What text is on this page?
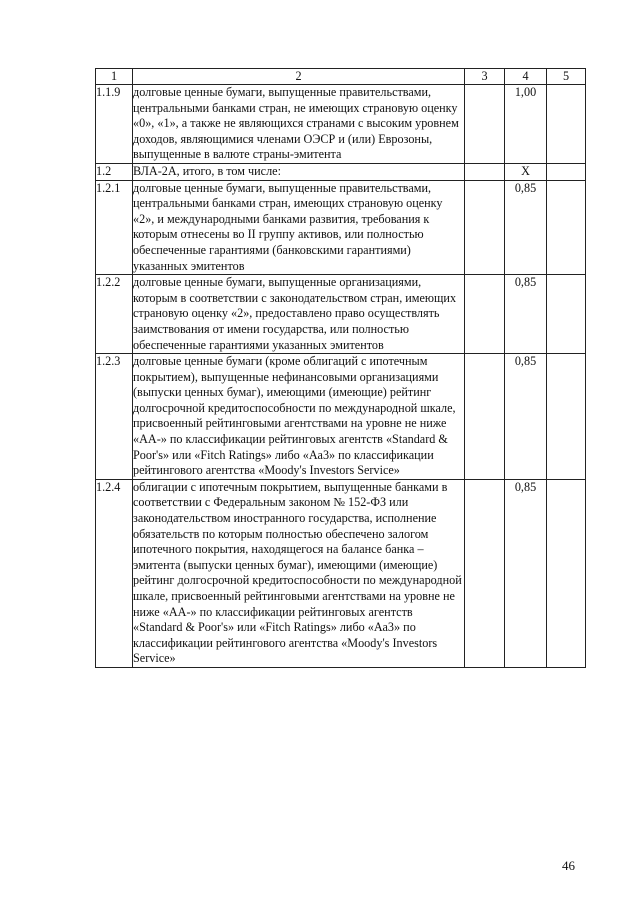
1	2	3	4	5
1.1.9	долговые ценные бумаги, выпущенные правительствами, центральными банками стран, не имеющих страновую оценку «0», «1», а также не являющихся странами с высоким уровнем доходов, являющимися членами ОЭСР и (или) Еврозоны, выпущенные в валюте страны-эмитента		1,00	
1.2	ВЛА-2А, итого, в том числе:		X	
1.2.1	долговые ценные бумаги, выпущенные правительствами, центральными банками стран, имеющих страновую оценку «2», и международными банками развития, требования к которым отнесены во II группу активов, или полностью обеспеченные гарантиями (банковскими гарантиями) указанных эмитентов		0,85	
1.2.2	долговые ценные бумаги, выпущенные организациями, которым в соответствии с законодательством стран, имеющих страновую оценку «2», предоставлено право осуществлять заимствования от имени государства, или полностью обеспеченные гарантиями указанных эмитентов		0,85	
1.2.3	долговые ценные бумаги (кроме облигаций с ипотечным покрытием), выпущенные нефинансовыми организациями (выпуски ценных бумаг), имеющими (имеющие) рейтинг долгосрочной кредитоспособности по международной шкале, присвоенный рейтинговыми агентствами на уровне не ниже «АА-» по классификации рейтинговых агентств «Standard & Poor's» или «Fitch Ratings» либо «Аа3» по классификации рейтингового агентства «Moody's Investors Service»		0,85	
1.2.4	облигации с ипотечным покрытием, выпущенные банками в соответствии с Федеральным законом № 152-ФЗ или законодательством иностранного государства, исполнение обязательств по которым полностью обеспечено залогом ипотечного покрытия, находящегося на балансе банка – эмитента (выпуски ценных бумаг), имеющими (имеющие) рейтинг долгосрочной кредитоспособности по международной шкале, присвоенный рейтинговыми агентствами на уровне не ниже «АА-» по классификации рейтинговых агентств «Standard & Poor's» или «Fitch Ratings» либо «Аа3» по классификации рейтингового агентства «Moody's Investors Service»		0,85	
46
